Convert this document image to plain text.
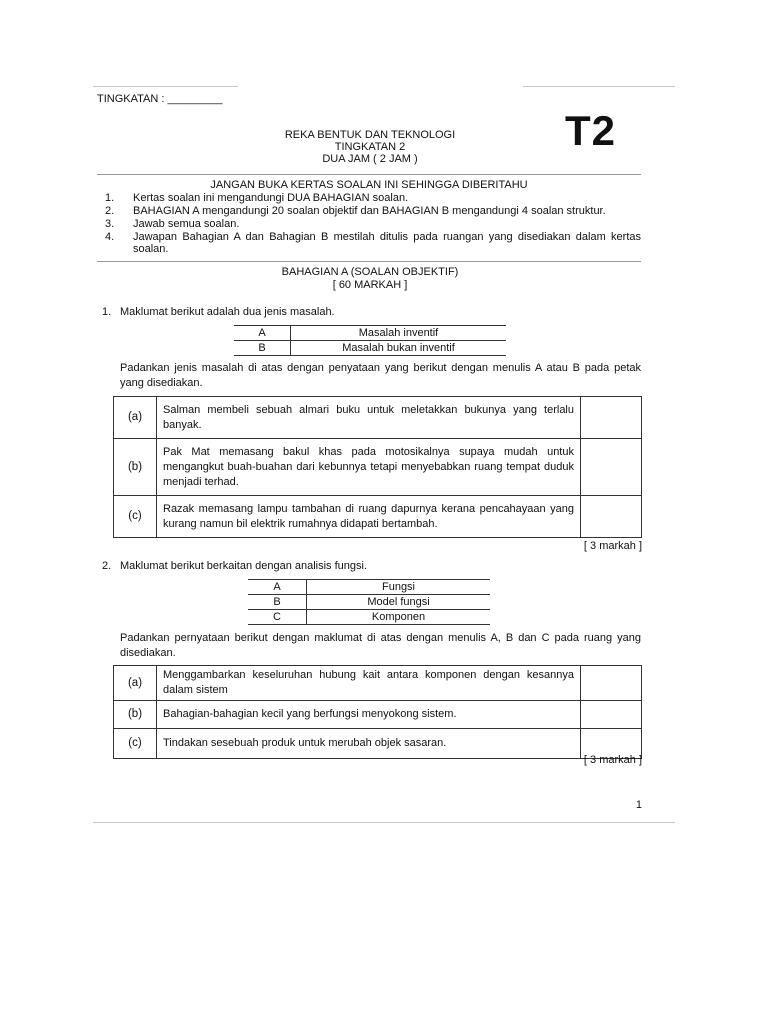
TINGKATAN : _________
REKA BENTUK DAN TEKNOLOGI
TINGKATAN 2
DUA JAM ( 2 JAM )
T2
JANGAN BUKA KERTAS SOALAN INI SEHINGGA DIBERITAHU
1.	Kertas soalan ini mengandungi DUA BAHAGIAN soalan.
2.	BAHAGIAN A mengandungi 20 soalan objektif dan BAHAGIAN B mengandungi 4 soalan struktur.
3.	Jawab semua soalan.
4.	Jawapan Bahagian A dan Bahagian B mestilah ditulis pada ruangan yang disediakan dalam kertas soalan.
BAHAGIAN A (SOALAN OBJEKTIF)
[ 60 MARKAH ]
1. Maklumat berikut adalah dua jenis masalah.
A	Masalah inventif
B	Masalah bukan inventif
Padankan jenis masalah di atas dengan penyataan yang berikut dengan menulis A atau B pada petak yang disediakan.
(a)	Salman membeli sebuah almari buku untuk meletakkan bukunya yang terlalu banyak.	
(b)	Pak Mat memasang bakul khas pada motosikalnya supaya mudah untuk mengangkut buah-buahan dari kebunnya tetapi menyebabkan ruang tempat duduk menjadi terhad.	
(c)	Razak memasang lampu tambahan di ruang dapurnya kerana pencahayaan yang kurang namun bil elektrik rumahnya didapati bertambah.	
[ 3 markah ]
2. Maklumat berikut berkaitan dengan analisis fungsi.
A	Fungsi
B	Model fungsi
C	Komponen
Padankan pernyataan berikut dengan maklumat di atas dengan menulis A, B dan C pada ruang yang disediakan.
(a)	Menggambarkan keseluruhan hubung kait antara komponen dengan kesannya dalam sistem	
(b)	Bahagian-bahagian kecil yang berfungsi menyokong sistem.	
(c)	Tindakan sesebuah produk untuk merubah objek sasaran.	
[ 3 markah ]
1
